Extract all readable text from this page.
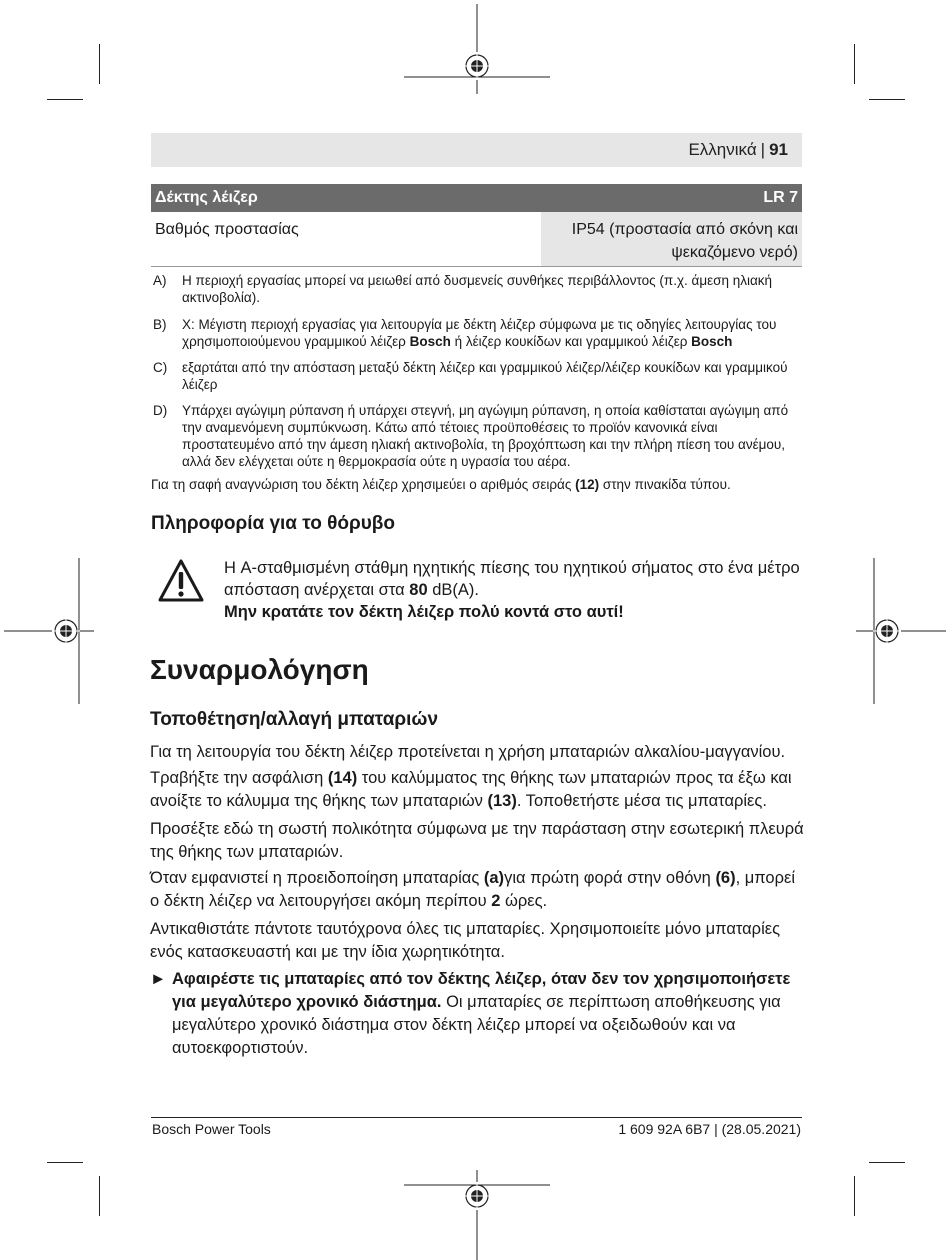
Ελληνικά | 91
Δέκτης λέιζερ	LR 7
Βαθμός προστασίας	IP54 (προστασία από σκόνη και
ψεκαζόμενο νερό)
A) Η περιοχή εργασίας μπορεί να μειωθεί από δυσμενείς συνθήκες περιβάλλοντος (π.χ. άμεση ηλιακή ακτινοβολία).
B) X: Μέγιστη περιοχή εργασίας για λειτουργία με δέκτη λέιζερ σύμφωνα με τις οδηγίες λειτουργίας του χρησιμοποιούμενου γραμμικού λέιζερ Bosch ή λέιζερ κουκίδων και γραμμικού λέιζερ Bosch
C) εξαρτάται από την απόσταση μεταξύ δέκτη λέιζερ και γραμμικού λέιζερ/λέιζερ κουκίδων και γραμμικού λέιζερ
D) Υπάρχει αγώγιμη ρύπανση ή υπάρχει στεγνή, μη αγώγιμη ρύπανση, η οποία καθίσταται αγώγιμη από την αναμενόμενη συμπύκνωση. Κάτω από τέτοιες προϋποθέσεις το προϊόν κανονικά είναι προστατευμένο από την άμεση ηλιακή ακτινοβολία, τη βροχόπτωση και την πλήρη πίεση του ανέμου, αλλά δεν ελέγχεται ούτε η θερμοκρασία ούτε η υγρασία του αέρα.
Για τη σαφή αναγνώριση του δέκτη λέιζερ χρησιμεύει ο αριθμός σειράς (12) στην πινακίδα τύπου.
Πληροφορία για το θόρυβο
Η A-σταθμισμένη στάθμη ηχητικής πίεσης του ηχητικού σήματος στο ένα μέτρο απόσταση ανέρχεται στα 80 dB(A).
Μην κρατάτε τον δέκτη λέιζερ πολύ κοντά στο αυτί!
Συναρμολόγηση
Τοποθέτηση/αλλαγή μπαταριών
Για τη λειτουργία του δέκτη λέιζερ προτείνεται η χρήση μπαταριών αλκαλίου-μαγγανίου.
Τραβήξτε την ασφάλιση (14) του καλύμματος της θήκης των μπαταριών προς τα έξω και ανοίξτε το κάλυμμα της θήκης των μπαταριών (13). Τοποθετήστε μέσα τις μπαταρίες.
Προσέξτε εδώ τη σωστή πολικότητα σύμφωνα με την παράσταση στην εσωτερική πλευρά της θήκης των μπαταριών.
Όταν εμφανιστεί η προειδοποίηση μπαταρίας (a)για πρώτη φορά στην οθόνη (6), μπορεί ο δέκτη λέιζερ να λειτουργήσει ακόμη περίπου 2 ώρες.
Αντικαθιστάτε πάντοτε ταυτόχρονα όλες τις μπαταρίες. Χρησιμοποιείτε μόνο μπαταρίες ενός κατασκευαστή και με την ίδια χωρητικότητα.
► Αφαιρέστε τις μπαταρίες από τον δέκτης λέιζερ, όταν δεν τον χρησιμοποιήσετε για μεγαλύτερο χρονικό διάστημα. Οι μπαταρίες σε περίπτωση αποθήκευσης για μεγαλύτερο χρονικό διάστημα στον δέκτη λέιζερ μπορεί να οξειδωθούν και να αυτοεκφορτιστούν.
Bosch Power Tools	1 609 92A 6B7 | (28.05.2021)
